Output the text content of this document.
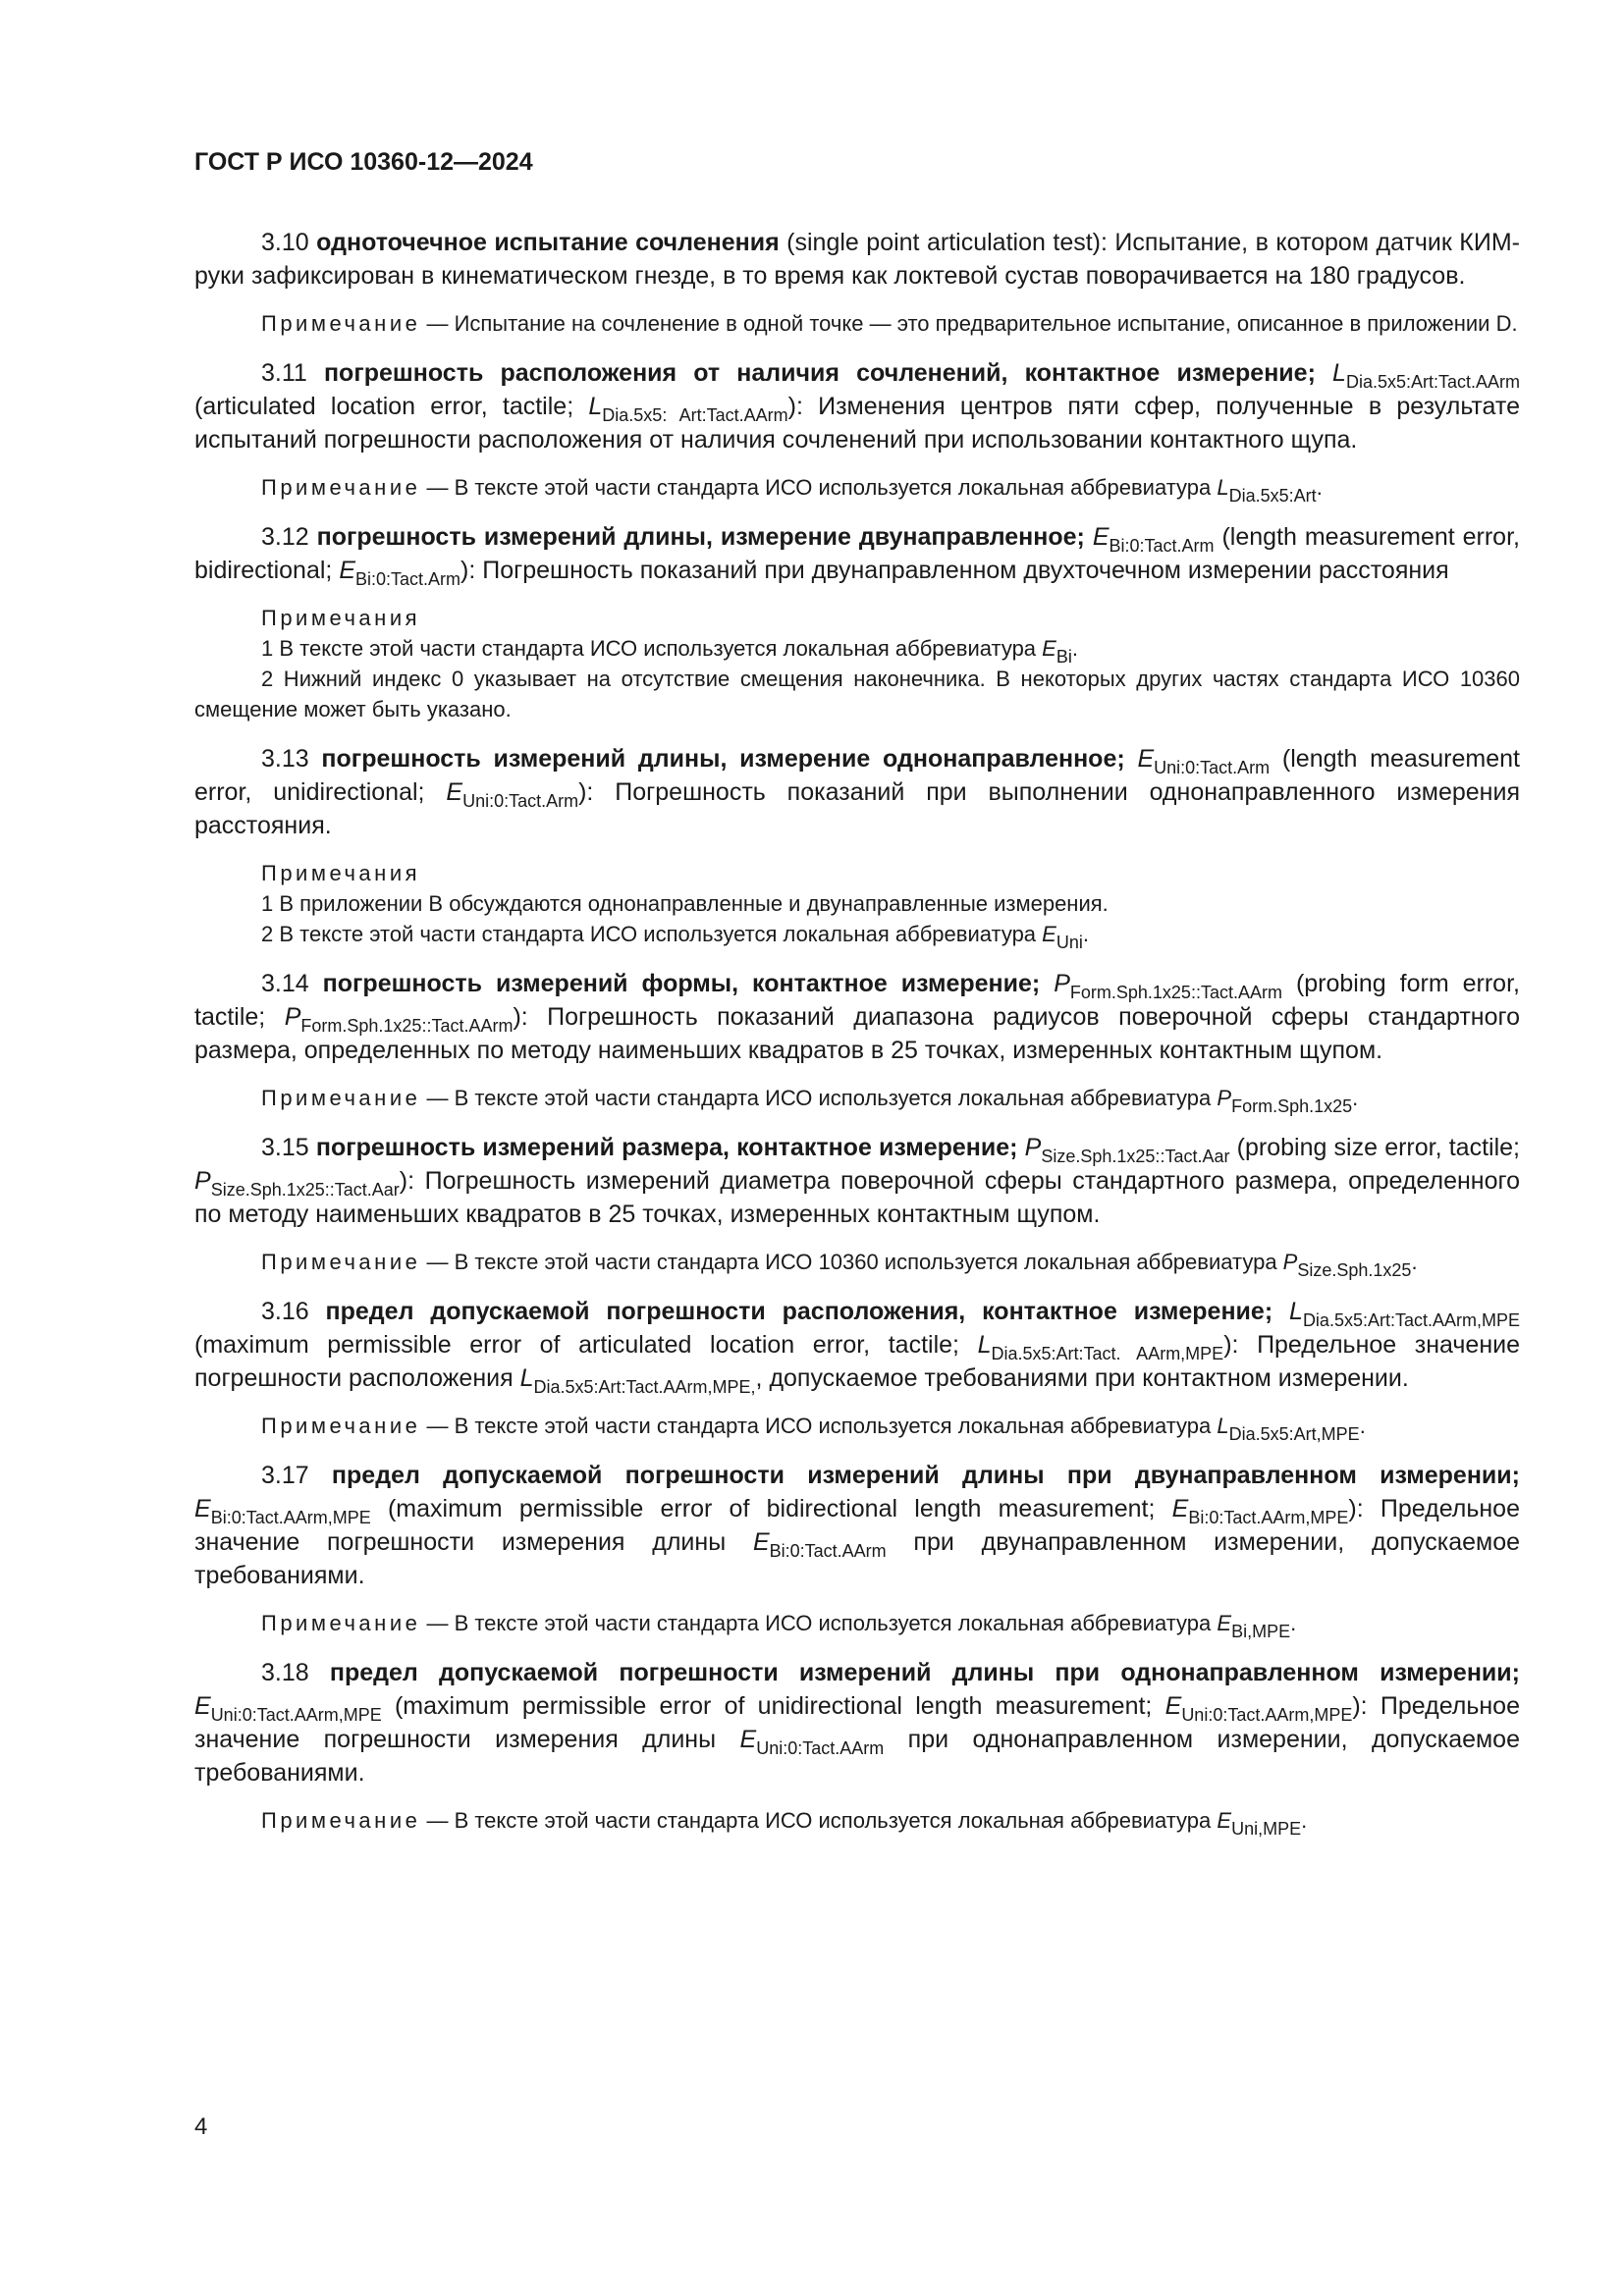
ГОСТ Р ИСО 10360-12—2024

3.10 одноточечное испытание сочленения (single point articulation test): Испытание, в котором датчик КИМ-руки зафиксирован в кинематическом гнезде, в то время как локтевой сустав поворачивается на 180 градусов.

Примечание — Испытание на сочленение в одной точке — это предварительное испытание, описанное в приложении D.

3.11 погрешность расположения от наличия сочленений, контактное измерение; $L_{Dia.5x5:Art:Tact.AArm}$ (articulated location error, tactile; $L_{Dia.5x5: Art:Tact.AArm}$): Изменения центров пяти сфер, полученные в результате испытаний погрешности расположения от наличия сочленений при использовании контактного щупа.

Примечание — В тексте этой части стандарта ИСО используется локальная аббревиатура $L_{Dia.5x5:Art}$.

3.12 погрешность измерений длины, измерение двунаправленное; $E_{Bi:0:Tact.Arm}$ (length measurement error, bidirectional; $E_{Bi:0:Tact.Arm}$): Погрешность показаний при двунаправленном двухточечном измерении расстояния

Примечания
1 В тексте этой части стандарта ИСО используется локальная аббревиатура $E_{Bi}$.
2 Нижний индекс 0 указывает на отсутствие смещения наконечника. В некоторых других частях стандарта ИСО 10360 смещение может быть указано.

3.13 погрешность измерений длины, измерение однонаправленное; $E_{Uni:0:Tact.Arm}$ (length measurement error, unidirectional; $E_{Uni:0:Tact.Arm}$): Погрешность показаний при выполнении однонаправленного измерения расстояния.

Примечания
1 В приложении B обсуждаются однонаправленные и двунаправленные измерения.
2 В тексте этой части стандарта ИСО используется локальная аббревиатура $E_{Uni}$.

3.14 погрешность измерений формы, контактное измерение; $P_{Form.Sph.1x25::Tact.AArm}$ (probing form error, tactile; $P_{Form.Sph.1x25::Tact.AArm}$): Погрешность показаний диапазона радиусов поверочной сферы стандартного размера, определенных по методу наименьших квадратов в 25 точках, измеренных контактным щупом.

Примечание — В тексте этой части стандарта ИСО используется локальная аббревиатура $P_{Form.Sph.1x25}$.

3.15 погрешность измерений размера, контактное измерение; $P_{Size.Sph.1x25::Tact.Aar}$ (probing size error, tactile; $P_{Size.Sph.1x25::Tact.Aar}$): Погрешность измерений диаметра поверочной сферы стандартного размера, определенного по методу наименьших квадратов в 25 точках, измеренных контактным щупом.

Примечание — В тексте этой части стандарта ИСО 10360 используется локальная аббревиатура $P_{Size.Sph.1x25}$.

3.16 предел допускаемой погрешности расположения, контактное измерение; $L_{Dia.5x5:Art:Tact.AArm,MPE}$ (maximum permissible error of articulated location error, tactile; $L_{Dia.5x5:Art:Tact. AArm,MPE}$): Предельное значение погрешности расположения $L_{Dia.5x5:Art:Tact.AArm,MPE,}$, допускаемое требованиями при контактном измерении.

Примечание — В тексте этой части стандарта ИСО используется локальная аббревиатура $L_{Dia.5x5:Art,MPE}$.

3.17 предел допускаемой погрешности измерений длины при двунаправленном измерении; $E_{Bi:0:Tact.AArm,MPE}$ (maximum permissible error of bidirectional length measurement; $E_{Bi:0:Tact.AArm,MPE}$): Предельное значение погрешности измерения длины $E_{Bi:0:Tact.AArm}$ при двунаправленном измерении, допускаемое требованиями.

Примечание — В тексте этой части стандарта ИСО используется локальная аббревиатура $E_{Bi,MPE}$.

3.18 предел допускаемой погрешности измерений длины при однонаправленном измерении; $E_{Uni:0:Tact.AArm,MPE}$ (maximum permissible error of unidirectional length measurement; $E_{Uni:0:Tact.AArm,MPE}$): Предельное значение погрешности измерения длины $E_{Uni:0:Tact.AArm}$ при однонаправленном измерении, допускаемое требованиями.

Примечание — В тексте этой части стандарта ИСО используется локальная аббревиатура $E_{Uni,MPE}$.

4
